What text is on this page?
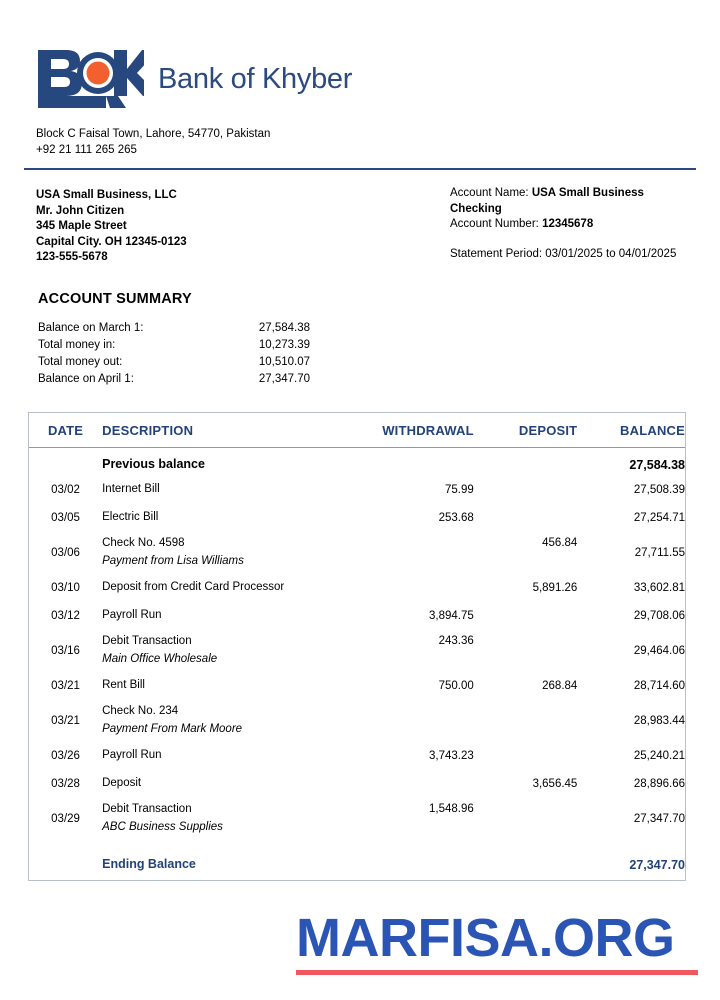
Bank of Khyber
Block C Faisal Town, Lahore, 54770, Pakistan
+92 21 111 265 265
USA Small Business, LLC
Mr. John Citizen
345 Maple Street
Capital City. OH 12345-0123
123-555-5678
Account Name: USA Small Business Checking
Account Number: 12345678
Statement Period: 03/01/2025 to 04/01/2025
ACCOUNT SUMMARY
Balance on March 1:	27,584.38
Total money in:	10,273.39
Total money out:	10,510.07
Balance on April 1:	27,347.70
DATE	DESCRIPTION	WITHDRAWAL	DEPOSIT	BALANCE
	Previous balance			27,584.38
03/02	Internet Bill	75.99		27,508.39
03/05	Electric Bill	253.68		27,254.71
03/06	Check No. 4598
Payment from Lisa Williams		456.84	27,711.55
03/10	Deposit from Credit Card Processor		5,891.26	33,602.81
03/12	Payroll Run	3,894.75		29,708.06
03/16	Debit Transaction
Main Office Wholesale	243.36		29,464.06
03/21	Rent Bill	750.00	268.84	28,714.60
03/21	Check No. 234
Payment From Mark Moore			28,983.44
03/26	Payroll Run	3,743.23		25,240.21
03/28	Deposit		3,656.45	28,896.66
03/29	Debit Transaction
ABC Business Supplies	1,548.96		27,347.70
	Ending Balance			27,347.70
MARFISA.ORG
